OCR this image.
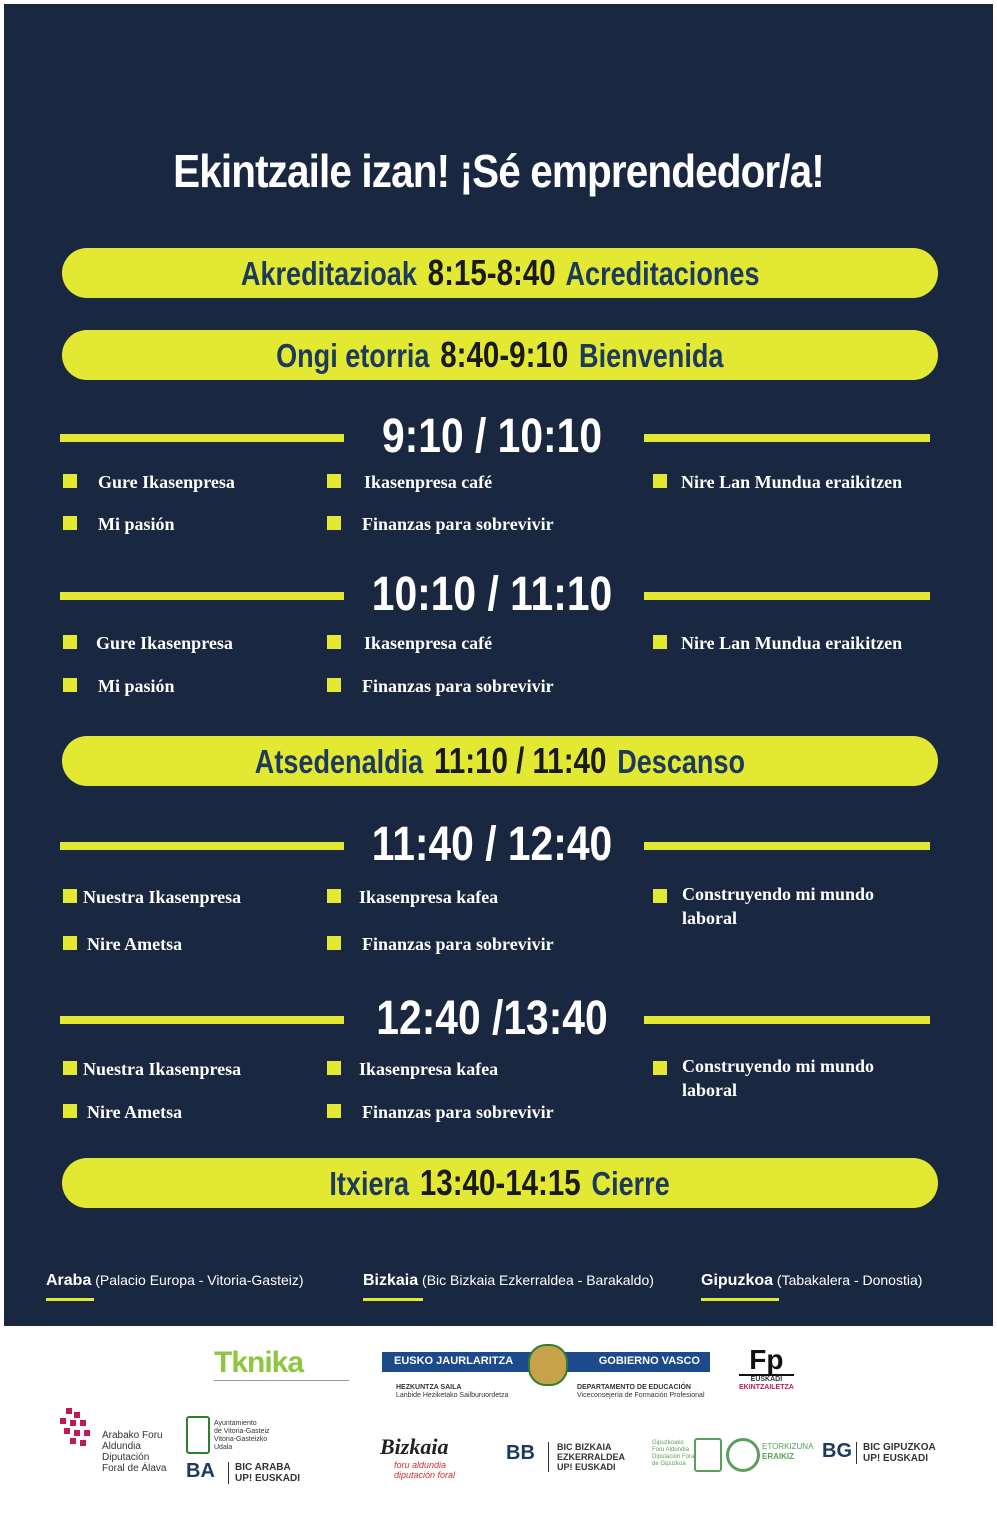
Ekintzaile izan! ¡Sé emprendedor/a!
Akreditazioak 8:15-8:40 Acreditaciones
Ongi etorria 8:40-9:10 Bienvenida
9:10 / 10:10
Gure Ikasenpresa	Ikasenpresa café	Nire Lan Mundua eraikitzen
Mi pasión	Finanzas para sobrevivir
10:10 / 11:10
Gure Ikasenpresa	Ikasenpresa café	Nire Lan Mundua eraikitzen
Mi pasión	Finanzas para sobrevivir
Atsedenaldia 11:10 / 11:40 Descanso
11:40 / 12:40
Nuestra Ikasenpresa	Ikasenpresa kafea	Construyendo mi mundo laboral
Nire Ametsa	Finanzas para sobrevivir
12:40 /13:40
Nuestra Ikasenpresa	Ikasenpresa kafea	Construyendo mi mundo laboral
Nire Ametsa	Finanzas para sobrevivir
Itxiera 13:40-14:15 Cierre
Araba (Palacio Europa - Vitoria-Gasteiz)	Bizkaia (Bic Bizkaia Ezkerraldea - Barakaldo)	Gipuzkoa (Tabakalera - Donostia)
Tknika	EUSKO JAURLARITZA	GOBIERNO VASCO
HEZKUNTZA SAILA
Lanbide Heziketako Sailburuordetza
DEPARTAMENTO DE EDUCACIÓN
Viceconsejería de Formación Profesional
Fp
EUSKADI
EKINTZAILETZA
Arabako Foru
Aldundia
Diputación
Foral de Álava
Ayuntamiento
de Vitoria-Gasteiz
Vitoria-Gasteizko
Udala
BA BIC ARABA
UP! EUSKADI
Bizkaia
foru aldundia
diputación foral
BB BIC BIZKAIA
EZKERRALDEA
UP! EUSKADI
Gipuzkoako
Foru Aldundia
Diputación Foral
de Gipuzkoa
ETORKIZUNA
ERAIKIZ	BG BIC GIPUZKOA
UP! EUSKADI
